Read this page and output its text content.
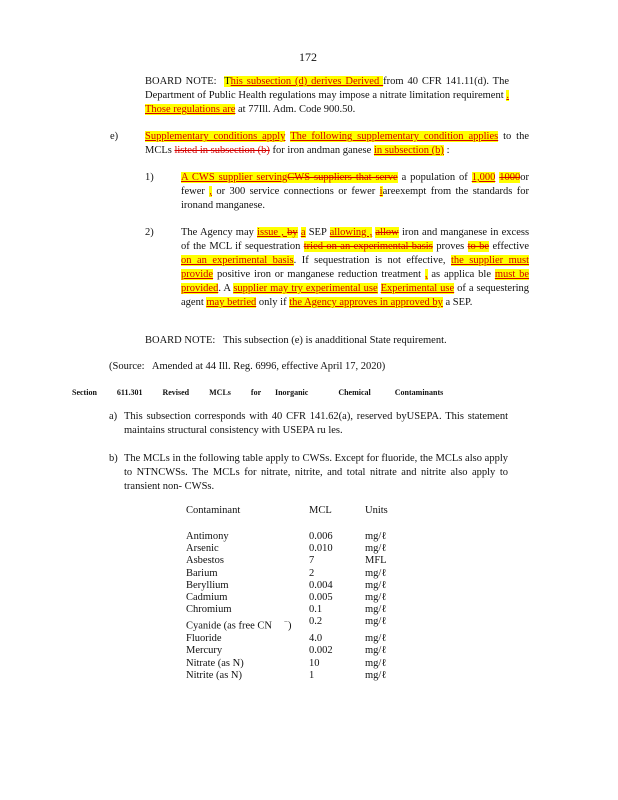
172
BOARD NOTE: This subsection (d) derives Derived from 40 CFR 141.11(d). The Department of Public Health regulations may impose a nitrate limitation requirement . Those regulations are at 77Ill. Adm. Code 900.50.
e)	Supplementary conditions apply The following supplementary condition applies to the MCLs listed in subsection (b) for iron andman ganese in subsection (b) :
1)	A CWS supplier servingCWS suppliers that serve a population of 1,000 1000or fewer , or 300 service connections or fewer iareexempt from the standards for ironand manganese.
2)	The Agency may issue , by a SEP allowing , allow iron and manganese in excess of the MCL if sequestration tried on an experimental basis proves to be effective on an experimental basis. If sequestration is not effective, the supplier must provide positive iron or manganese reduction treatment , as applica ble must be provided. A supplier may try experimental use Experimental use of a sequestering agent may betried only if the Agency approves in approved by a SEP.
BOARD NOTE: This subsection (e) is anadditional State requirement.
(Source: Amended at 44 Ill. Reg. 6996, effective April 17, 2020)
Section	611.301	Revised	MCLs	for Inorganic	Chemical	Contaminants
a) This subsection corresponds with 40 CFR 141.62(a), reserved byUSEPA. This statement maintains structural consistency with USEPA ru les.
b) The MCLs in the following table apply to CWSs. Except for fluoride, the MCLs also apply to NTNCWSs. The MCLs for nitrate, nitrite, and total nitrate and nitrite also apply to transient non- CWSs.
Contaminant	MCL	Units
Antimony	0.006	mg/ℓ
Arsenic	0.010	mg/ℓ
Asbestos	7	MFL
Barium	2	mg/ℓ
Beryllium	0.004	mg/ℓ
Cadmium	0.005	mg/ℓ
Chromium	0.1	mg/ℓ
Cyanide (as free CN −)	0.2	mg/ℓ
Fluoride	4.0	mg/ℓ
Mercury	0.002	mg/ℓ
Nitrate (as N)	10	mg/ℓ
Nitrite (as N)	1	mg/ℓ
